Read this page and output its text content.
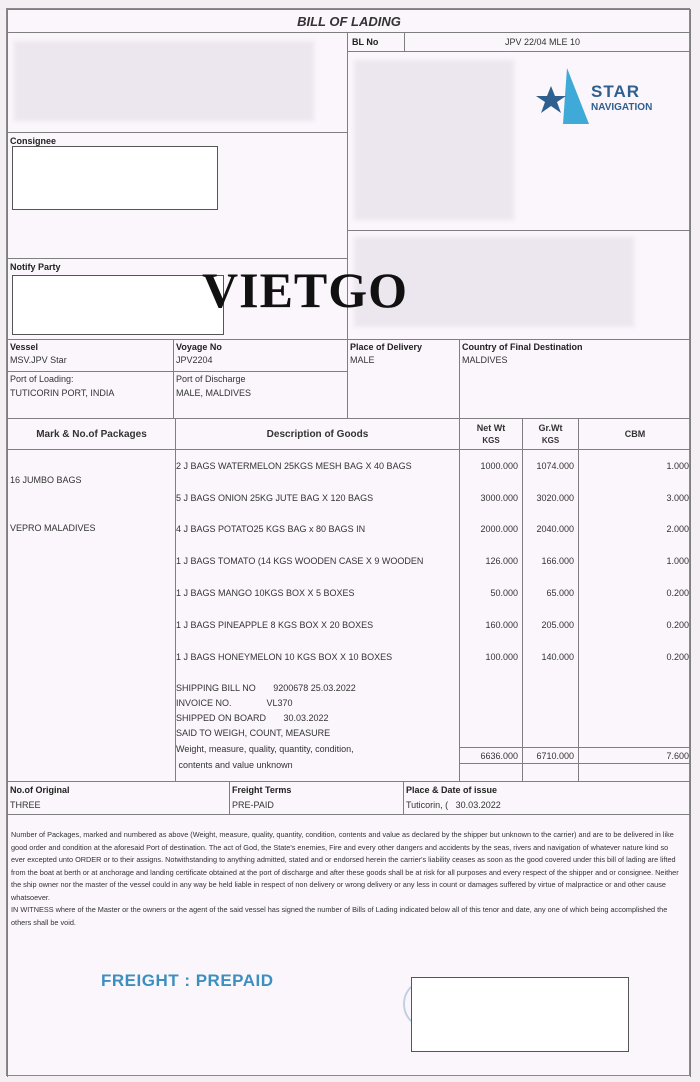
BILL OF LADING
BL No	JPV 22/04 MLE 10
STAR
NAVIGATION
Consignee
Notify Party	VIETGO
Vessel
MSV.JPV Star
Voyage No
JPV2204
Place of Delivery
MALE
Country of Final Destination
MALDIVES
Port of Loading:
TUTICORIN PORT, INDIA
Port of Discharge
MALE, MALDIVES
Mark & No.of Packages	Description of Goods
Net Wt
KGS
Gr.Wt
KGS
CBM
16 JUMBO BAGS
VEPRO MALADIVES
2 J BAGS WATERMELON 25KGS MESH BAG X 40 BAGS	1000.000	1074.000	1.000
5 J BAGS ONION 25KG JUTE BAG X 120 BAGS	3000.000	3020.000	3.000
4 J BAGS POTATO25 KGS BAG x 80 BAGS IN	2000.000	2040.000	2.000
1 J BAGS TOMATO (14 KGS WOODEN CASE X 9 WOODEN	126.000	166.000	1.000
1 J BAGS MANGO 10KGS BOX X 5 BOXES	50.000	65.000	0.200
1 J BAGS PINEAPPLE 8 KGS BOX X 20 BOXES	160.000	205.000	0.200
1 J BAGS HONEYMELON 10 KGS BOX X 10 BOXES	100.000	140.000	0.200
SHIPPING BILL NO       9200678 25.03.2022
INVOICE NO.              VL370
SHIPPED ON BOARD       30.03.2022
SAID TO WEIGH, COUNT, MEASURE
Weight, measure, quality, quantity, condition,
contents and value unknown
6636.000	6710.000	7.600
No.of Original
THREE
Freight Terms
PRE-PAID
Place & Date of issue
Tuticorin, (   30.03.2022
Number of Packages, marked and numbered as above (Weight, measure, quality, quantity, condition, contents and value as declared by the shipper but unknown to the carrier) and are to be delivered in like good order and condition at the aforesaid Port of destination. The act of God, the State's enemies, Fire and every other dangers and accidents by the seas, rivers and navigation of whatever nature kind so ever excepted unto ORDER or to their assigns. Notwithstanding to anything admitted, stated and or endorsed herein the carrier's liability ceases as soon as the good covered under this bill of lading are lifted from the boat at berth or at anchorage and landing certificate obtained at the port of discharge and after these goods shall be at risk for all purposes and every respect of the shipper and or consignee. Neither the ship owner nor the master of the vessel could in any way be held liable in respect of non delivery or wrong delivery or any less in count or damages suffered by virtue of malpractice or and other cause whatsoever.
IN WITNESS where of the Master or the owners or the agent of the said vessel has signed the number of Bills of Lading indicated below all of this tenor and date, any one of which being accomplished the others shall be void.
FREIGHT : PREPAID
